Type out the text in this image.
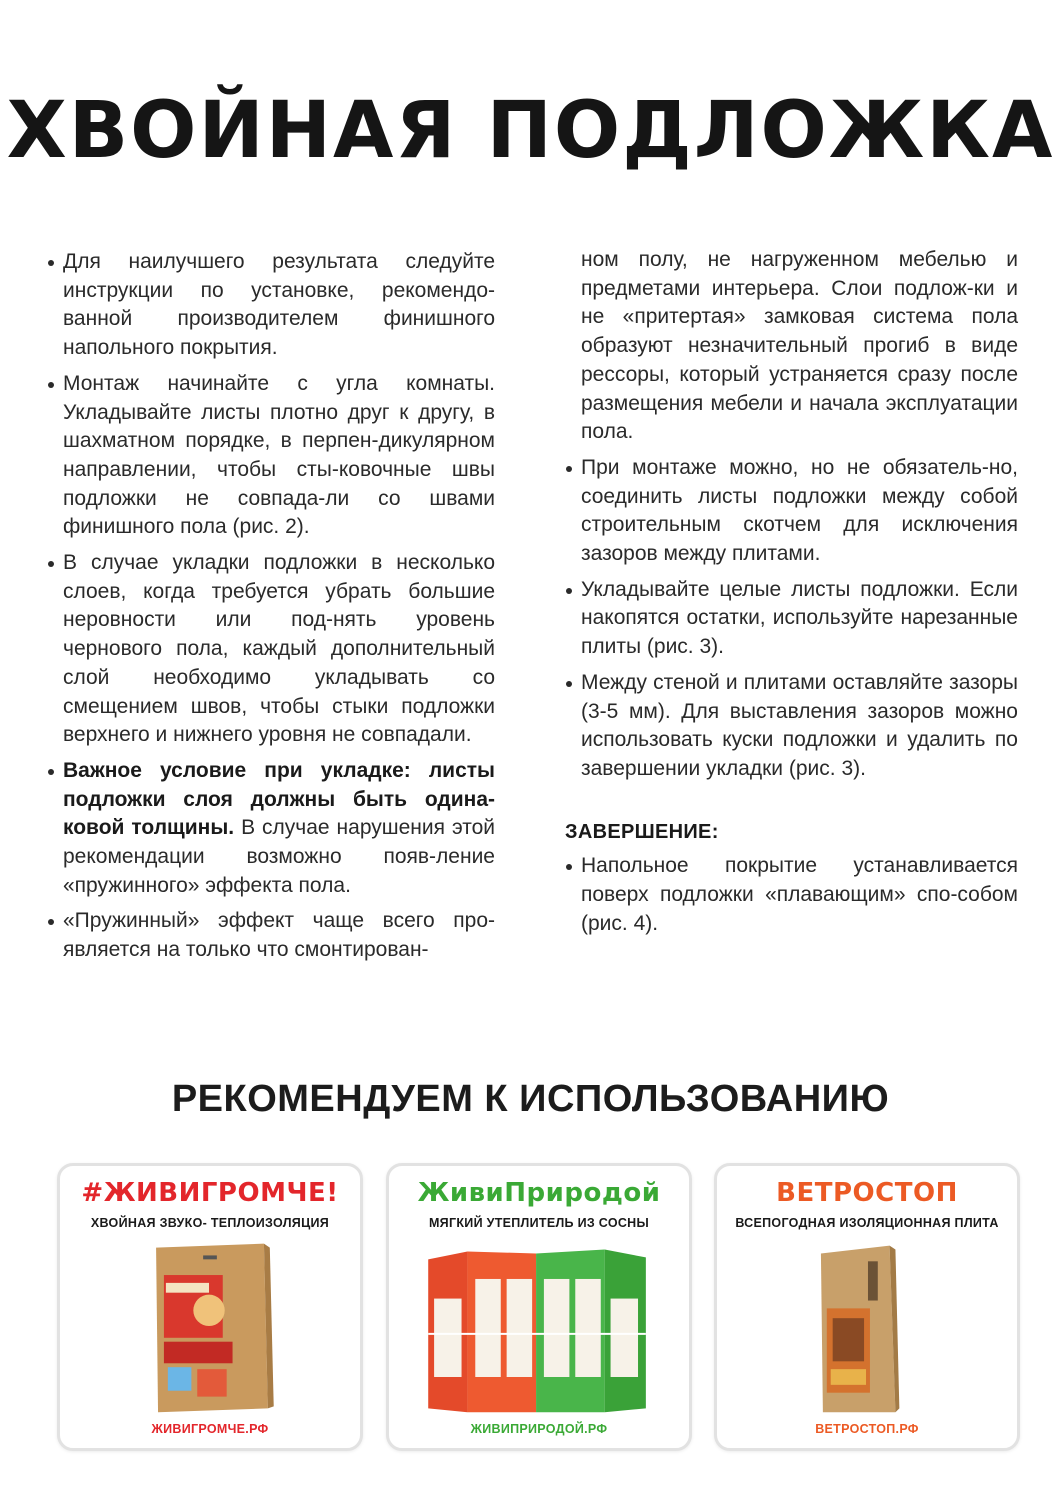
ХВОЙНАЯ ПОДЛОЖКА

Для наилучшего результата следуйте инструкции по установке, рекомендо-ванной производителем финишного напольного покрытия.

Монтаж начинайте с угла комнаты. Укладывайте листы плотно друг к другу, в шахматном порядке, в перпен-дикулярном направлении, чтобы сты-ковочные швы подложки не совпада-ли со швами финишного пола (рис. 2).

В случае укладки подложки в несколько слоев, когда требуется убрать большие неровности или под-нять уровень чернового пола, каждый дополнительный слой необходимо укладывать со смещением швов, чтобы стыки подложки верхнего и нижнего уровня не совпадали.

Важное условие при укладке: листы подложки слоя должны быть одина-ковой толщины. В случае нарушения этой рекомендации возможно появ-ление «пружинного» эффекта пола.

«Пружинный» эффект чаще всего про-является на только что смонтирован-

ном полу, не нагруженном мебелью и предметами интерьера. Слои подлож-ки и не «притертая» замковая система пола образуют незначительный прогиб в виде рессоры, который устраняется сразу после размещения мебели и начала эксплуатации пола.

При монтаже можно, но не обязатель-но, соединить листы подложки между собой строительным скотчем для исключения зазоров между плитами.

Укладывайте целые листы подложки. Если накопятся остатки, используйте нарезанные плиты (рис. 3).

Между стеной и плитами оставляйте зазоры (3-5 мм). Для выставления зазоров можно использовать куски подложки и удалить по завершении укладки (рис. 3).

ЗАВЕРШЕНИЕ:

Напольное покрытие устанавливается поверх подложки «плавающим» спо-собом (рис. 4).

РЕКОМЕНДУЕМ К ИСПОЛЬЗОВАНИЮ
#ЖИВИГРОМЧЕ!
ХВОЙНАЯ ЗВУКО- ТЕПЛОИЗОЛЯЦИЯ
ЖИВИГРОМЧЕ.РФ
ЖивиПриродой
МЯГКИЙ УТЕПЛИТЕЛЬ ИЗ СОСНЫ
ЖИВИПРИРОДОЙ.РФ
ВЕТРОСТОП
ВСЕПОГОДНАЯ ИЗОЛЯЦИОННАЯ ПЛИТА
ВЕТРОСТОП.РФ
